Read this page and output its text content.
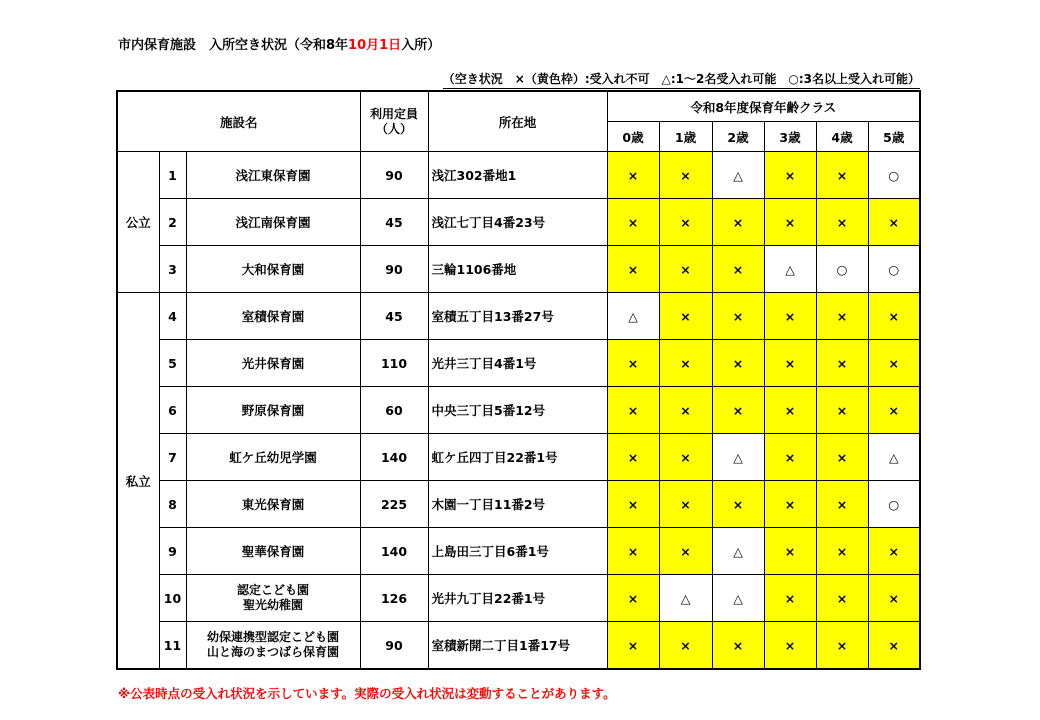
市内保育施設　入所空き状況（令和8年10月1日入所）
（空き状況　×（黄色枠）:受入れ不可　△:1～2名受入れ可能　○:3名以上受入れ可能）
施設名			利用定員
（人）	所在地	令和8年度保育年齢クラス					
					0歳	1歳	2歳	3歳	4歳	5歳
公立	1	浅江東保育園	90	浅江302番地1	×	×	△	×	×	○
	2	浅江南保育園	45	浅江七丁目4番23号	×	×	×	×	×	×
	3	大和保育園	90	三輪1106番地	×	×	×	△	○	○
私立	4	室積保育園	45	室積五丁目13番27号	△	×	×	×	×	×
	5	光井保育園	110	光井三丁目4番1号	×	×	×	×	×	×
	6	野原保育園	60	中央三丁目5番12号	×	×	×	×	×	×
	7	虹ケ丘幼児学園	140	虹ケ丘四丁目22番1号	×	×	△	×	×	△
	8	東光保育園	225	木園一丁目11番2号	×	×	×	×	×	○
	9	聖華保育園	140	上島田三丁目6番1号	×	×	△	×	×	×
	10	認定こども園
聖光幼稚園	126	光井九丁目22番1号	×	△	△	×	×	×
	11	幼保連携型認定こども園
山と海のまつばら保育園	90	室積新開二丁目1番17号	×	×	×	×	×	×
※公表時点の受入れ状況を示しています。実際の受入れ状況は変動することがあります。
